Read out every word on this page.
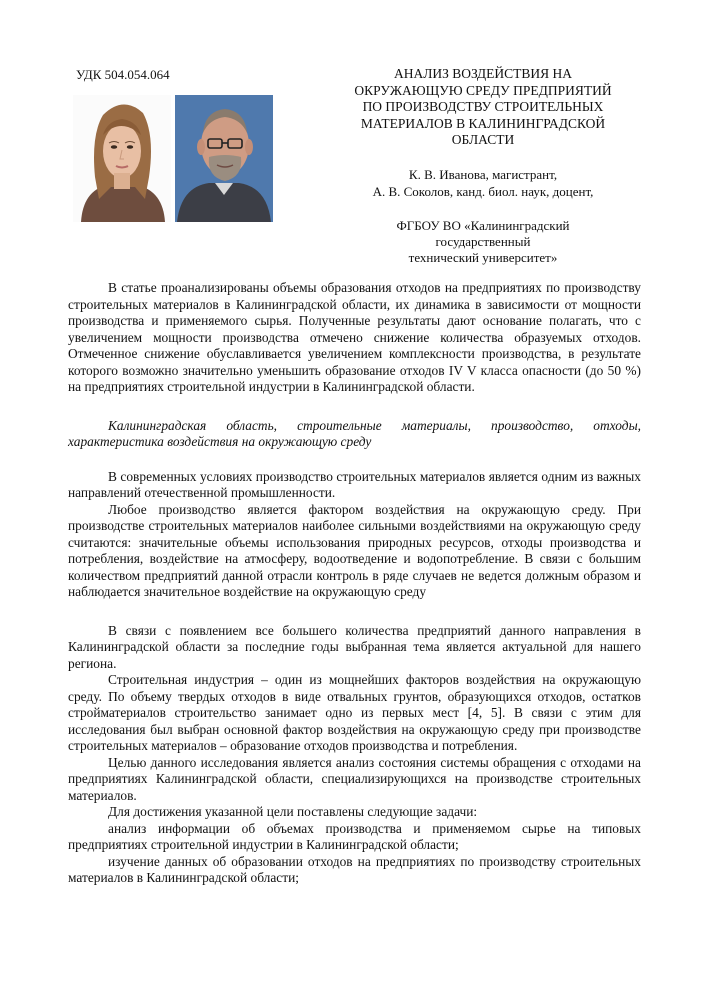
УДК 504.054.064	АНАЛИЗ ВОЗДЕЙСТВИЯ НА
ОКРУЖАЮЩУЮ СРЕДУ ПРЕДПРИЯТИЙ
ПО ПРОИЗВОДСТВУ СТРОИТЕЛЬНЫХ
МАТЕРИАЛОВ В КАЛИНИНГРАДСКОЙ
ОБЛАСТИ
К. В. Иванова, магистрант,
А. В. Соколов, канд. биол. наук, доцент,
ФГБОУ ВО «Калининградский
государственный
технический университет»

В статье проанализированы объемы образования отходов на предприятиях по производству строительных материалов в Калининградской области, их динамика в зависимости от мощности производства и применяемого сырья. Полученные результаты дают основание полагать, что с увеличением мощности производства отмечено снижение количества образуемых отходов. Отмеченное снижение обуславливается увеличением комплексности производства, в результате которого возможно значительно уменьшить образование отходов IV V класса опасности (до 50 %) на предприятиях строительной индустрии в Калининградской области.

Калининградская область, строительные материалы, производство, отходы, характеристика воздействия на окружающую среду

В современных условиях производство строительных материалов является одним из важных направлений отечественной промышленности.

Любое производство является фактором воздействия на окружающую среду. При производстве строительных материалов наиболее сильными воздействиями на окружающую среду считаются: значительные объемы использования природных ресурсов, отходы производства и потребления, воздействие на атмосферу, водоотведение и водопотребление. В связи с большим количеством предприятий данной отрасли контроль в ряде случаев не ведется должным образом и наблюдается значительное воздействие на окружающую среду

В связи с появлением все большего количества предприятий данного направления в Калининградской области за последние годы выбранная тема является актуальной для нашего региона.

Строительная индустрия – один из мощнейших факторов воздействия на окружающую среду. По объему твердых отходов в виде отвальных грунтов, образующихся отходов, остатков стройматериалов строительство занимает одно из первых мест [4, 5]. В связи с этим для исследования был выбран основной фактор воздействия на окружающую среду при производстве строительных материалов – образование отходов производства и потребления.

Целью данного исследования является анализ состояния системы обращения с отходами на предприятиях Калининградской области, специализирующихся на производстве строительных материалов.

Для достижения указанной цели поставлены следующие задачи:

анализ информации об объемах производства и применяемом сырье на типовых предприятиях строительной индустрии в Калининградской области;

изучение данных об образовании отходов на предприятиях по производству строительных материалов в Калининградской области;
